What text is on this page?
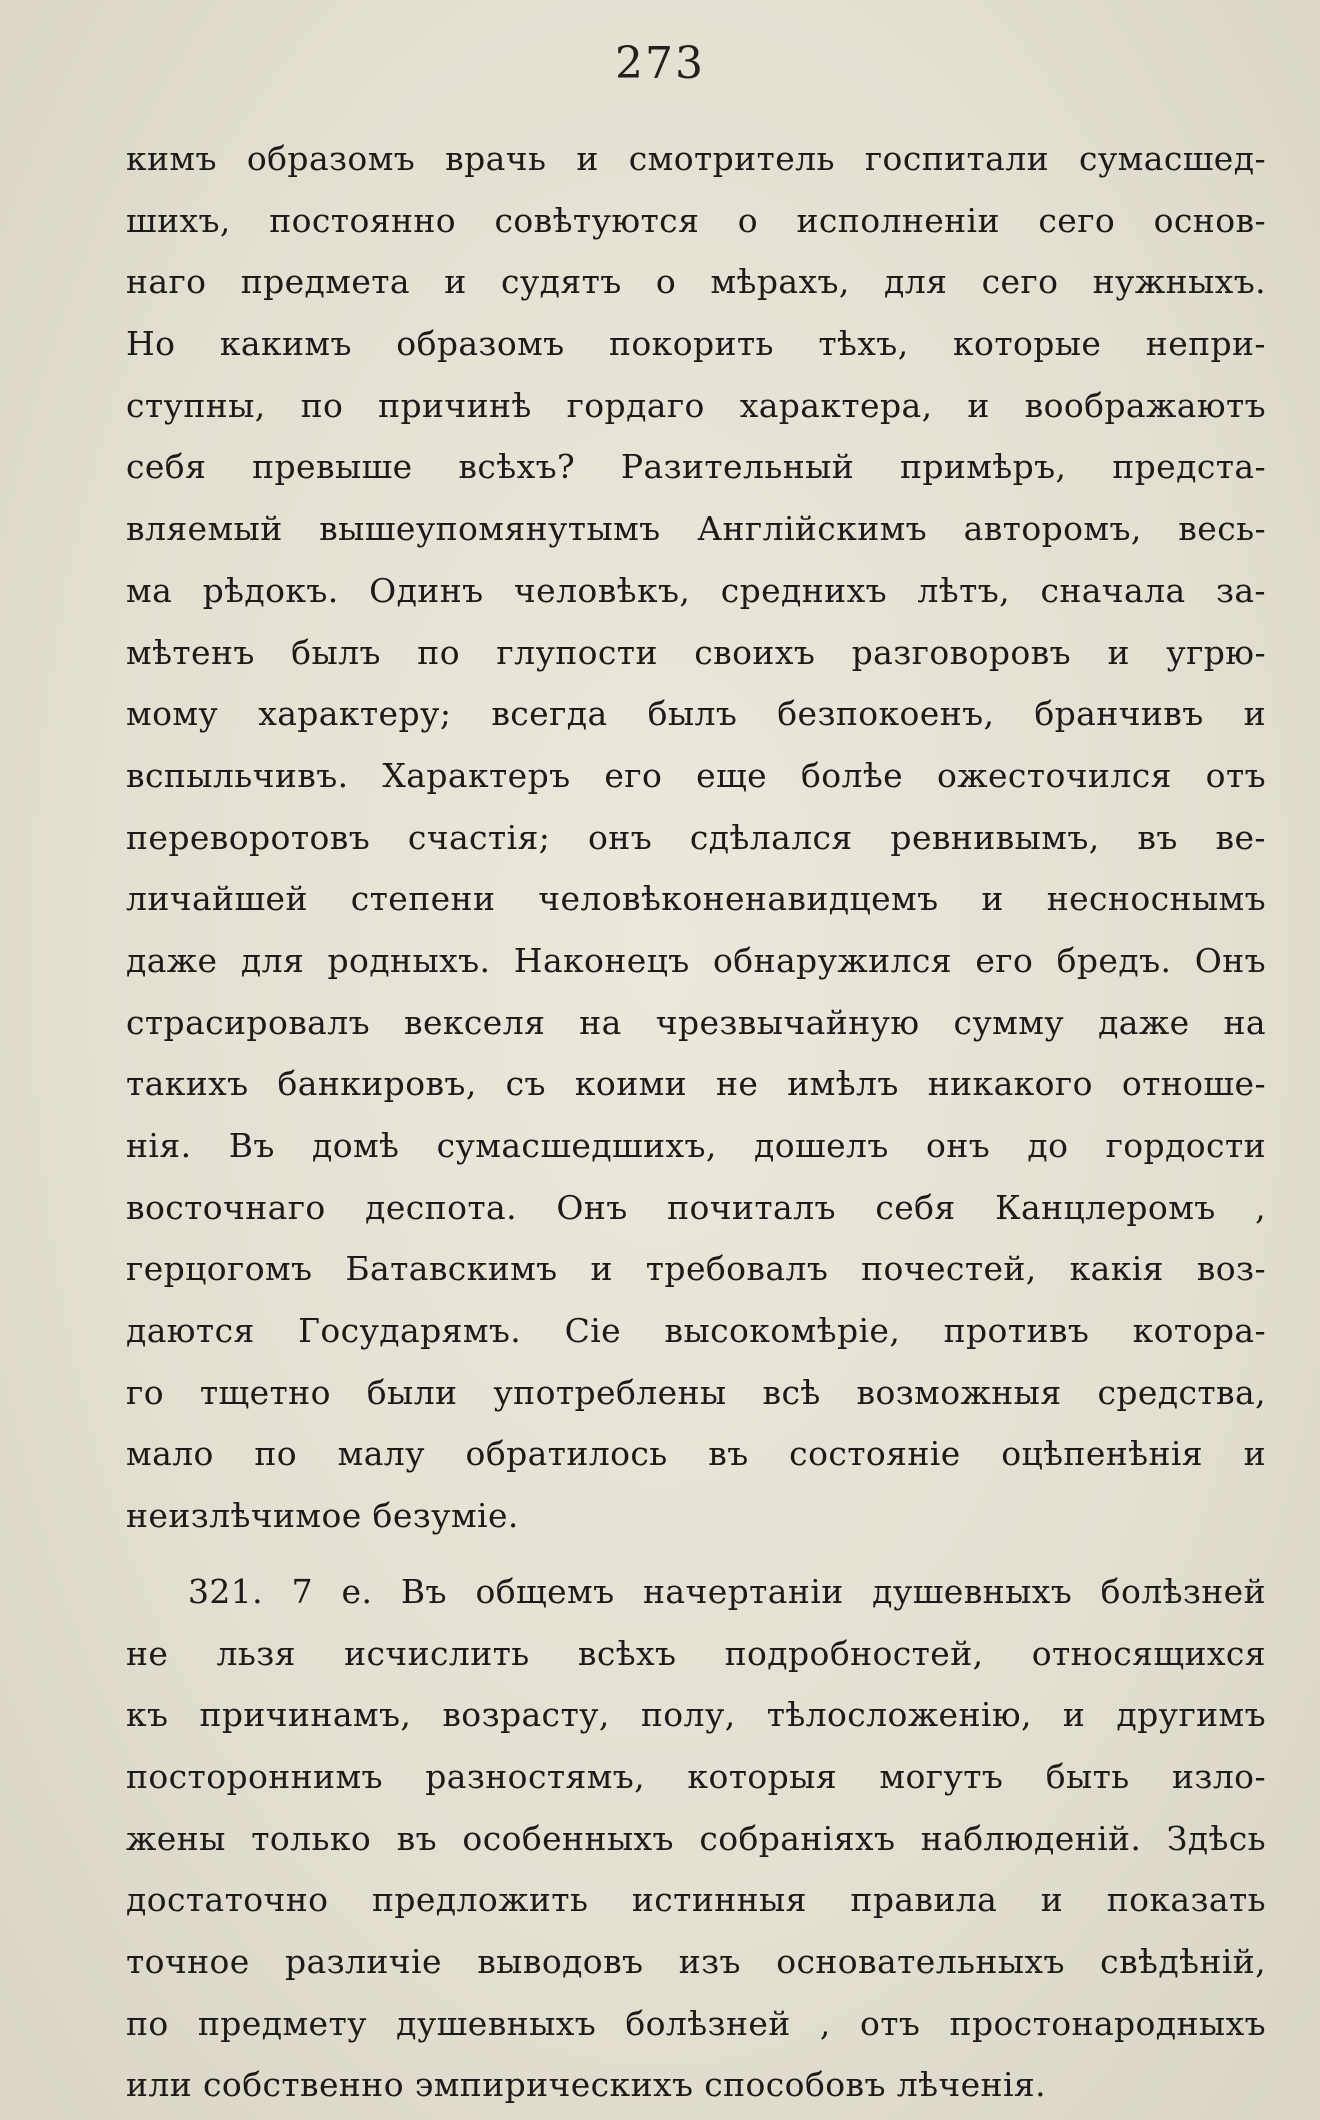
273
кимъ образомъ врачь и смотритель госпитали сумасшед-
шихъ, постоянно совѣтуются о исполненіи сего основ-
наго предмета и судятъ о мѣрахъ, для сего нужныхъ.
Но какимъ образомъ покорить тѣхъ, которые непри-
ступны, по причинѣ гордаго характера, и воображаютъ
себя превыше всѣхъ? Разительный примѣръ, предста-
вляемый вышеупомянутымъ Англійскимъ авторомъ, весь-
ма рѣдокъ. Одинъ человѣкъ, среднихъ лѣтъ, сначала за-
мѣтенъ былъ по глупости своихъ разговоровъ и угрю-
мому характеру; всегда былъ безпокоенъ, бранчивъ и
вспыльчивъ. Характеръ его еще болѣе ожесточился отъ
переворотовъ счастія; онъ сдѣлался ревнивымъ, въ ве-
личайшей степени человѣконенавидцемъ и несноснымъ
даже для родныхъ. Наконецъ обнаружился его бредъ. Онъ
страсировалъ векселя на чрезвычайную сумму даже на
такихъ банкировъ, съ коими не имѣлъ никакого отноше-
нія. Въ домѣ сумасшедшихъ, дошелъ онъ до гордости
восточнаго деспота. Онъ почиталъ себя Канцлеромъ ,
герцогомъ Батавскимъ и требовалъ почестей, какія воз-
даются Государямъ. Сіе высокомѣріе, противъ которa-
го тщетно были употреблены всѣ возможныя средства,
мало по малу обратилось въ состояніе оцѣпенѣнія и
неизлѣчимое безуміе.
321. 7 е. Въ общемъ начертаніи душевныхъ болѣзней
не льзя исчислить всѣхъ подробностей, относящихся
къ причинамъ, возрасту, полу, тѣлосложенію, и другимъ
постороннимъ разностямъ, которыя могутъ быть изло-
жены только въ особенныхъ собраніяхъ наблюденій. Здѣсь
достаточно предложить истинныя правила и показать
точное различіе выводовъ изъ основательныхъ свѣдѣній,
по предмету душевныхъ болѣзней , отъ простонародныхъ
или собственно эмпирическихъ способовъ лѣченія.
